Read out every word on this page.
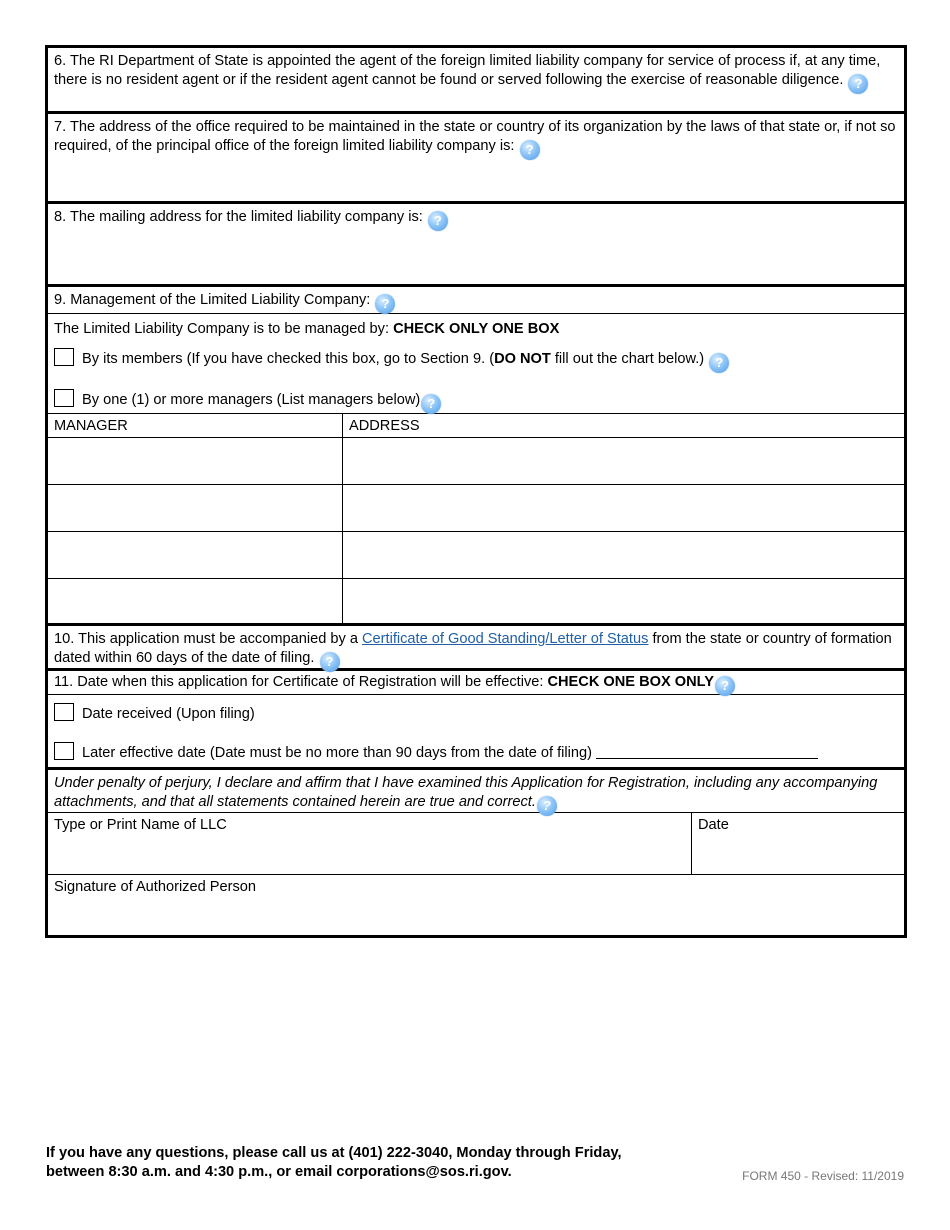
6. The RI Department of State is appointed the agent of the foreign limited liability company for service of process if, at any time, there is no resident agent or if the resident agent cannot be found or served following the exercise of reasonable diligence. ?
7. The address of the office required to be maintained in the state or country of its organization by the laws of that state or, if not so required, of the principal office of the foreign limited liability company is: ?
8. The mailing address for the limited liability company is: ?
9. Management of the Limited Liability Company: ?
The Limited Liability Company is to be managed by: CHECK ONLY ONE BOX
By its members (If you have checked this box, go to Section 9. (DO NOT fill out the chart below.) ?
By one (1) or more managers (List managers below) ?
MANAGER	ADDRESS
10. This application must be accompanied by a Certificate of Good Standing/Letter of Status from the state or country of formation dated within 60 days of the date of filing. ?
11. Date when this application for Certificate of Registration will be effective: CHECK ONE BOX ONLY ?
Date received (Upon filing)
Later effective date (Date must be no more than 90 days from the date of filing)
Under penalty of perjury, I declare and affirm that I have examined this Application for Registration, including any accompanying attachments, and that all statements contained herein are true and correct. ?
Type or Print Name of LLC	Date
Signature of Authorized Person
If you have any questions, please call us at (401) 222-3040, Monday through Friday,
between 8:30 a.m. and 4:30 p.m., or email corporations@sos.ri.gov.	FORM 450 - Revised: 11/2019
